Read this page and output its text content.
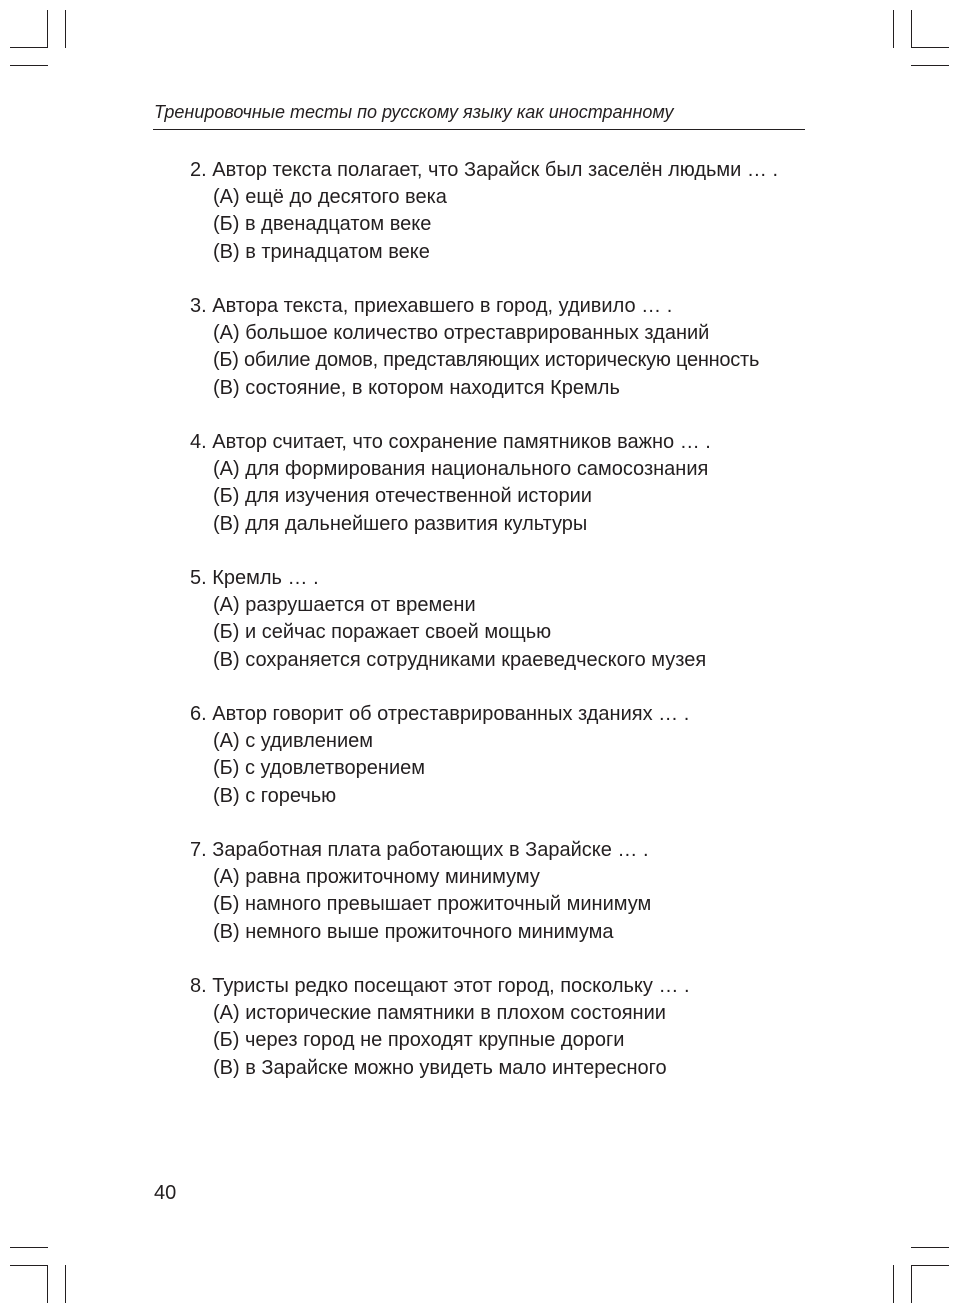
Тренировочные тесты по русскому языку как иностранному
2. Автор текста полагает, что Зарайск был заселён людьми … .
(А) ещё до десятого века
(Б) в двенадцатом веке
(В) в тринадцатом веке
3. Автора текста, приехавшего в город, удивило … .
(А) большое количество отреставрированных зданий
(Б) обилие домов, представляющих историческую ценность
(В) состояние, в котором находится Кремль
4. Автор считает, что сохранение памятников важно … .
(А) для формирования национального самосознания
(Б) для изучения отечественной истории
(В) для дальнейшего развития культуры
5. Кремль … .
(А) разрушается от времени
(Б) и сейчас поражает своей мощью
(В) сохраняется сотрудниками краеведческого музея
6. Автор говорит об отреставрированных зданиях … .
(А) с удивлением
(Б) с удовлетворением
(В) с горечью
7. Заработная плата работающих в Зарайске … .
(А) равна прожиточному минимуму
(Б) намного превышает прожиточный минимум
(В) немного выше прожиточного минимума
8. Туристы редко посещают этот город, поскольку … .
(А) исторические памятники в плохом состоянии
(Б) через город не проходят крупные дороги
(В) в Зарайске можно увидеть мало интересного
40
